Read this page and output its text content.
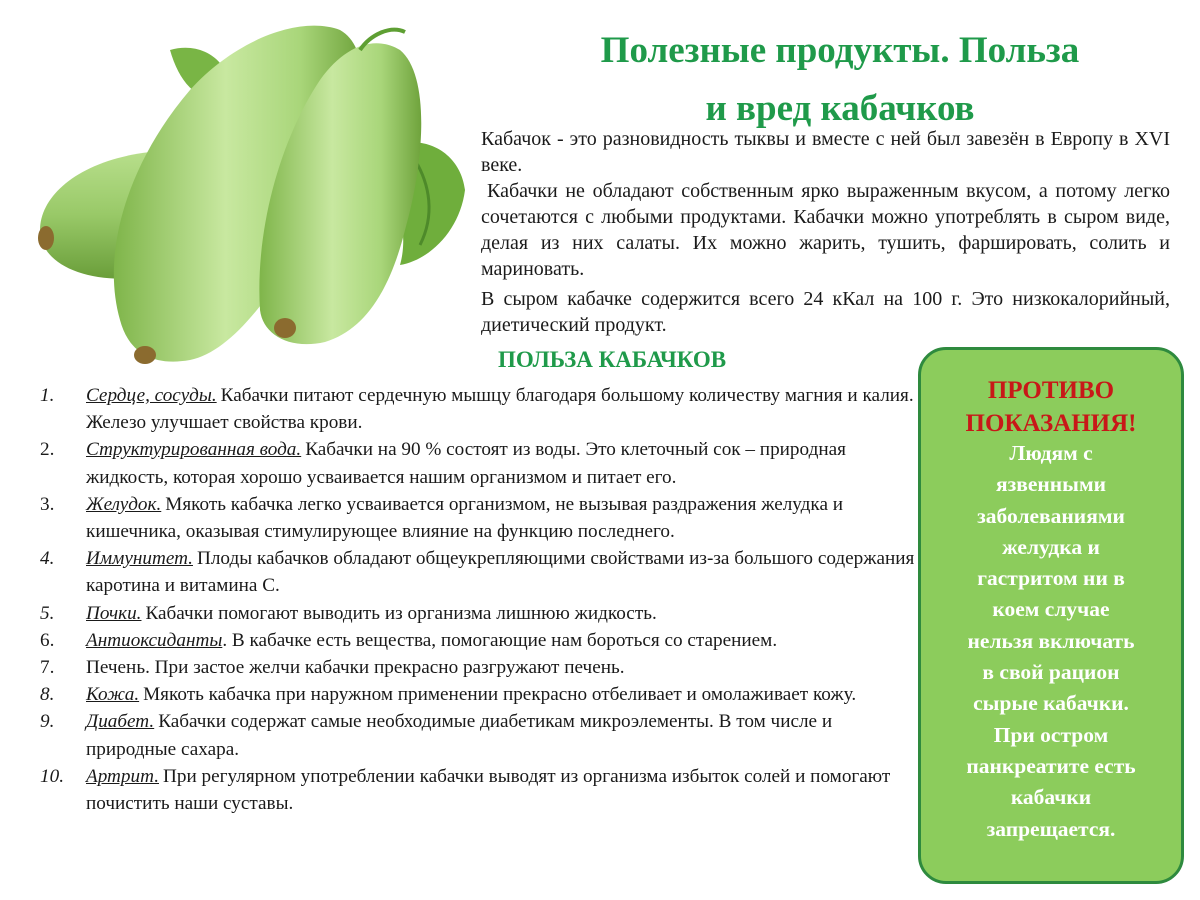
Полезные продукты. Польза
и вред кабачков

Кабачок - это разновидность тыквы и вместе с ней был завезён в Европу в XVI веке.

Кабачки не обладают собственным ярко выраженным вкусом, а потому легко сочетаются с любыми продуктами. Кабачки можно употреблять в сыром виде, делая из них салаты. Их можно жарить, тушить, фаршировать, солить и мариновать.

В сыром кабачке содержится всего 24 кКал на 100 г. Это низкокалорийный, диетический продукт.

ПОЛЬЗА КАБАЧКОВ
1.	Сердце, сосуды. Кабачки питают сердечную мышцу благодаря большому количеству магния и калия. Железо улучшает свойства крови.
2.	Структурированная вода. Кабачки на 90 % состоят из воды. Это клеточный сок – природная жидкость, которая хорошо усваивается нашим организмом и питает его.
3.	Желудок. Мякоть кабачка легко усваивается организмом, не вызывая раздражения желудка и кишечника, оказывая стимулирующее влияние на функцию последнего.
4.	Иммунитет. Плоды кабачков обладают общеукрепляющими свойствами из-за большого содержания каротина и витамина С.
5.	Почки. Кабачки помогают выводить из организма лишнюю жидкость.
6.	Антиоксиданты. В кабачке есть вещества, помогающие нам бороться со старением.
7.	Печень. При застое желчи кабачки прекрасно разгружают печень.
8.	Кожа. Мякоть кабачка при наружном применении прекрасно отбеливает и омолаживает кожу.
9.	Диабет. Кабачки содержат самые необходимые диабетикам микроэлементы. В том числе и природные сахара.
10.	Артрит. При регулярном употреблении кабачки выводят из организма избыток солей и помогают почистить наши суставы.
ПРОТИВО
ПОКАЗАНИЯ!
Людям с
язвенными
заболеваниями
желудка и
гастритом ни в
коем случае
нельзя включать
в свой рацион
сырые кабачки.
При остром
панкреатите есть
кабачки
запрещается.
